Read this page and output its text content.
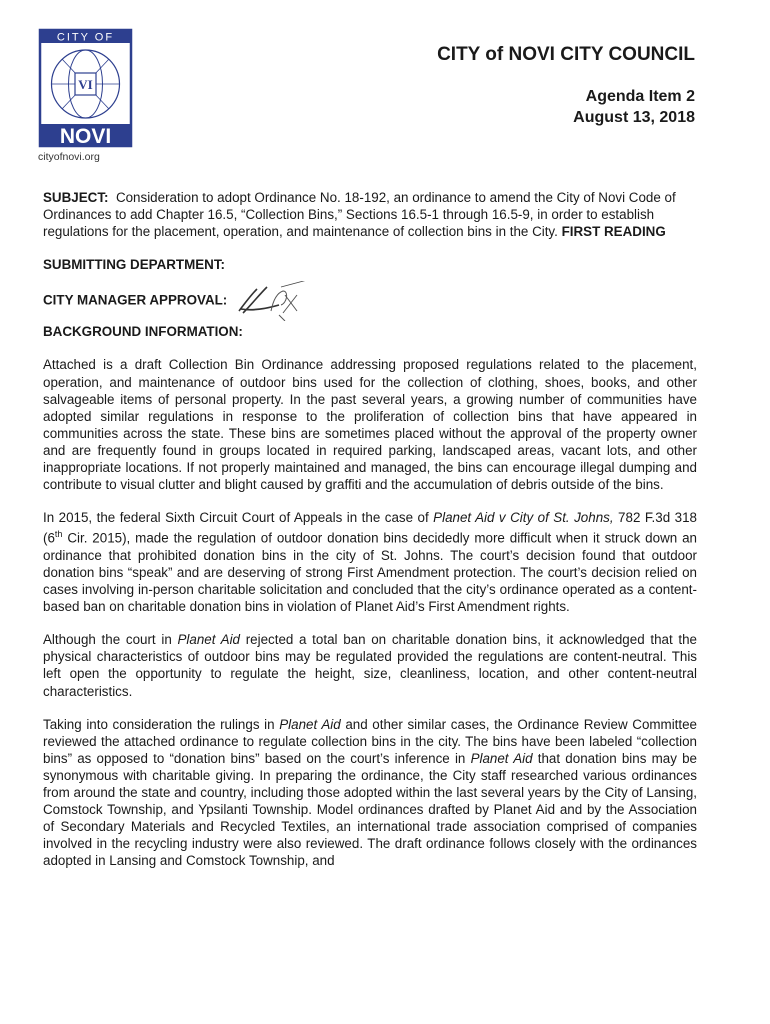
CITY OF
VI
NOVI
cityofnovi.org
CITY of NOVI CITY COUNCIL
Agenda Item 2
August 13, 2018

SUBJECT: Consideration to adopt Ordinance No. 18-192, an ordinance to amend the City of Novi Code of Ordinances to add Chapter 16.5, “Collection Bins,” Sections 16.5-1 through 16.5-9, in order to establish regulations for the placement, operation, and maintenance of collection bins in the City. FIRST READING

SUBMITTING DEPARTMENT:

CITY MANAGER APPROVAL:

BACKGROUND INFORMATION:

Attached is a draft Collection Bin Ordinance addressing proposed regulations related to the placement, operation, and maintenance of outdoor bins used for the collection of clothing, shoes, books, and other salvageable items of personal property. In the past several years, a growing number of communities have adopted similar regulations in response to the proliferation of collection bins that have appeared in communities across the state. These bins are sometimes placed without the approval of the property owner and are frequently found in groups located in required parking, landscaped areas, vacant lots, and other inappropriate locations. If not properly maintained and managed, the bins can encourage illegal dumping and contribute to visual clutter and blight caused by graffiti and the accumulation of debris outside of the bins.

In 2015, the federal Sixth Circuit Court of Appeals in the case of Planet Aid v City of St. Johns, 782 F.3d 318 (6th Cir. 2015), made the regulation of outdoor donation bins decidedly more difficult when it struck down an ordinance that prohibited donation bins in the city of St. Johns. The court’s decision found that outdoor donation bins “speak” and are deserving of strong First Amendment protection. The court’s decision relied on cases involving in-person charitable solicitation and concluded that the city’s ordinance operated as a content-based ban on charitable donation bins in violation of Planet Aid’s First Amendment rights.

Although the court in Planet Aid rejected a total ban on charitable donation bins, it acknowledged that the physical characteristics of outdoor bins may be regulated provided the regulations are content-neutral. This left open the opportunity to regulate the height, size, cleanliness, location, and other content-neutral characteristics.

Taking into consideration the rulings in Planet Aid and other similar cases, the Ordinance Review Committee reviewed the attached ordinance to regulate collection bins in the city. The bins have been labeled “collection bins” as opposed to “donation bins” based on the court’s inference in Planet Aid that donation bins may be synonymous with charitable giving. In preparing the ordinance, the City staff researched various ordinances from around the state and country, including those adopted within the last several years by the City of Lansing, Comstock Township, and Ypsilanti Township. Model ordinances drafted by Planet Aid and by the Association of Secondary Materials and Recycled Textiles, an international trade association comprised of companies involved in the recycling industry were also reviewed. The draft ordinance follows closely with the ordinances adopted in Lansing and Comstock Township, and
